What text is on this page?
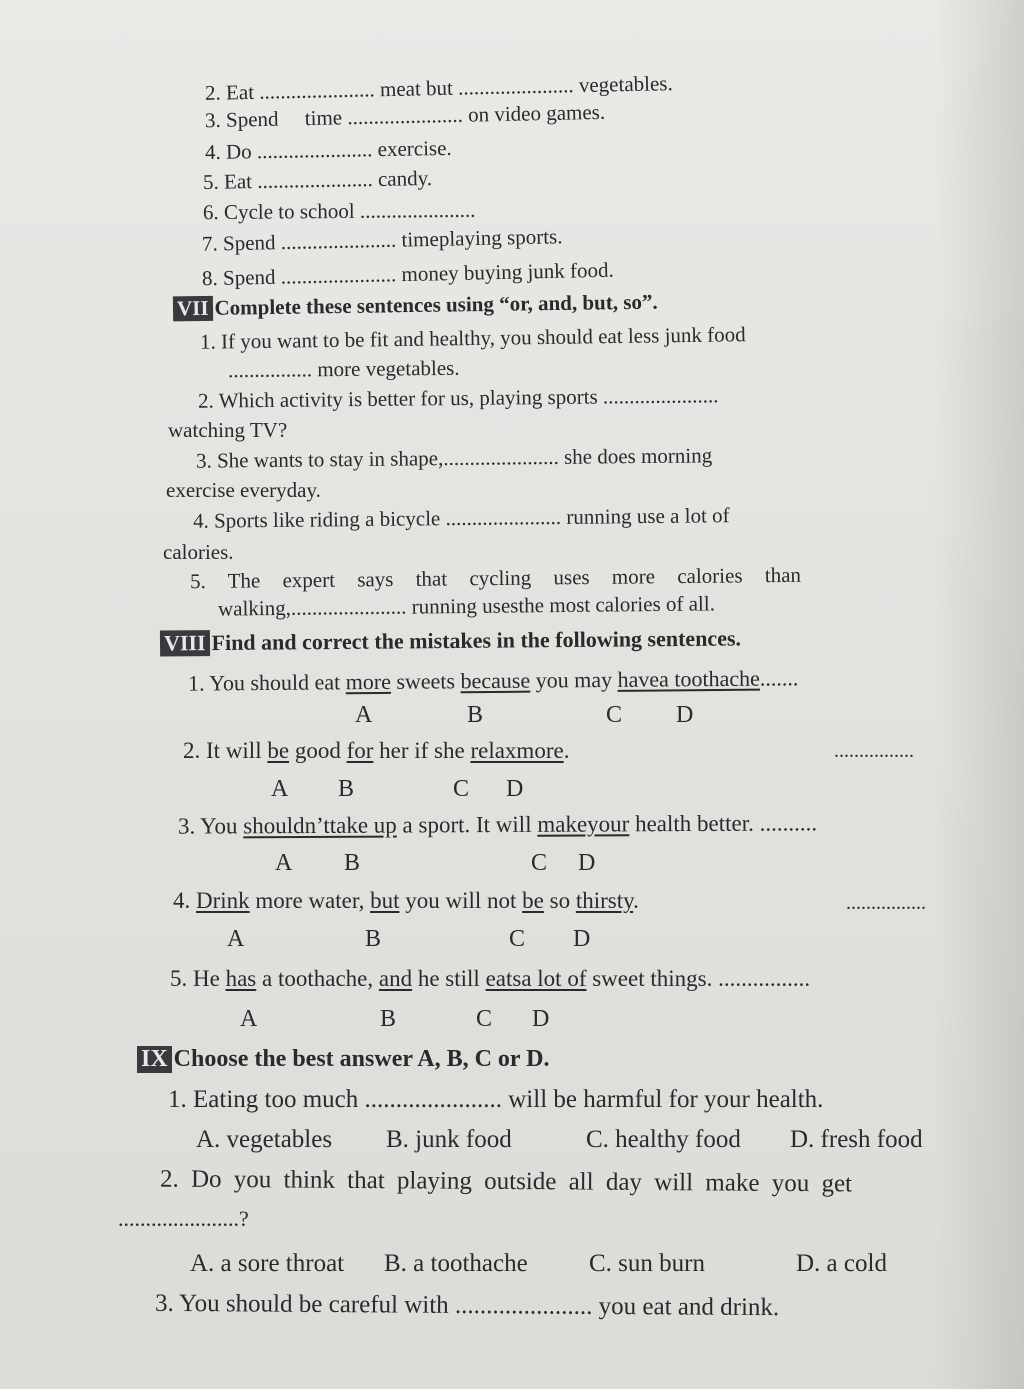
2. Eat ...................... meat but ...................... vegetables.
3. Spend     time ...................... on video games.
4. Do ...................... exercise.
5. Eat ...................... candy.
6. Cycle to school ......................
7. Spend ...................... timeplaying sports.
8. Spend ...................... money buying junk food.
VII Complete these sentences using “or, and, but, so”.
1. If you want to be fit and healthy, you should eat less junk food
................ more vegetables.
2. Which activity is better for us, playing sports ......................
watching TV?
3. She wants to stay in shape,...................... she does morning
exercise everyday.
4. Sports like riding a bicycle ...................... running use a lot of
calories.
5. The expert says that cycling uses more calories than
walking,...................... running usesthe most calories of all.
VIII Find and correct the mistakes in the following sentences.
1. You should eat more sweets because you may havea toothache.......
A	B	C D
2. It will be good for her if she relaxmore.	................
A B	C D
3. You shouldn’ttake up a sport. It will makeyour health better. ..........
A B	C D
4. Drink more water, but you will not be so thirsty.	................
A	B	C D
5. He has a toothache, and he still eatsa lot of sweet things. ................
A	B	C D
IX Choose the best answer A, B, C or D.
1. Eating too much ...................... will be harmful for your health.
A. vegetables B. junk food	C. healthy food D. fresh food
2. Do you think that playing outside all day will make you get
......................?
A. a sore throat B. a toothache C. sun burn	D. a cold
3. You should be careful with ...................... you eat and drink.
